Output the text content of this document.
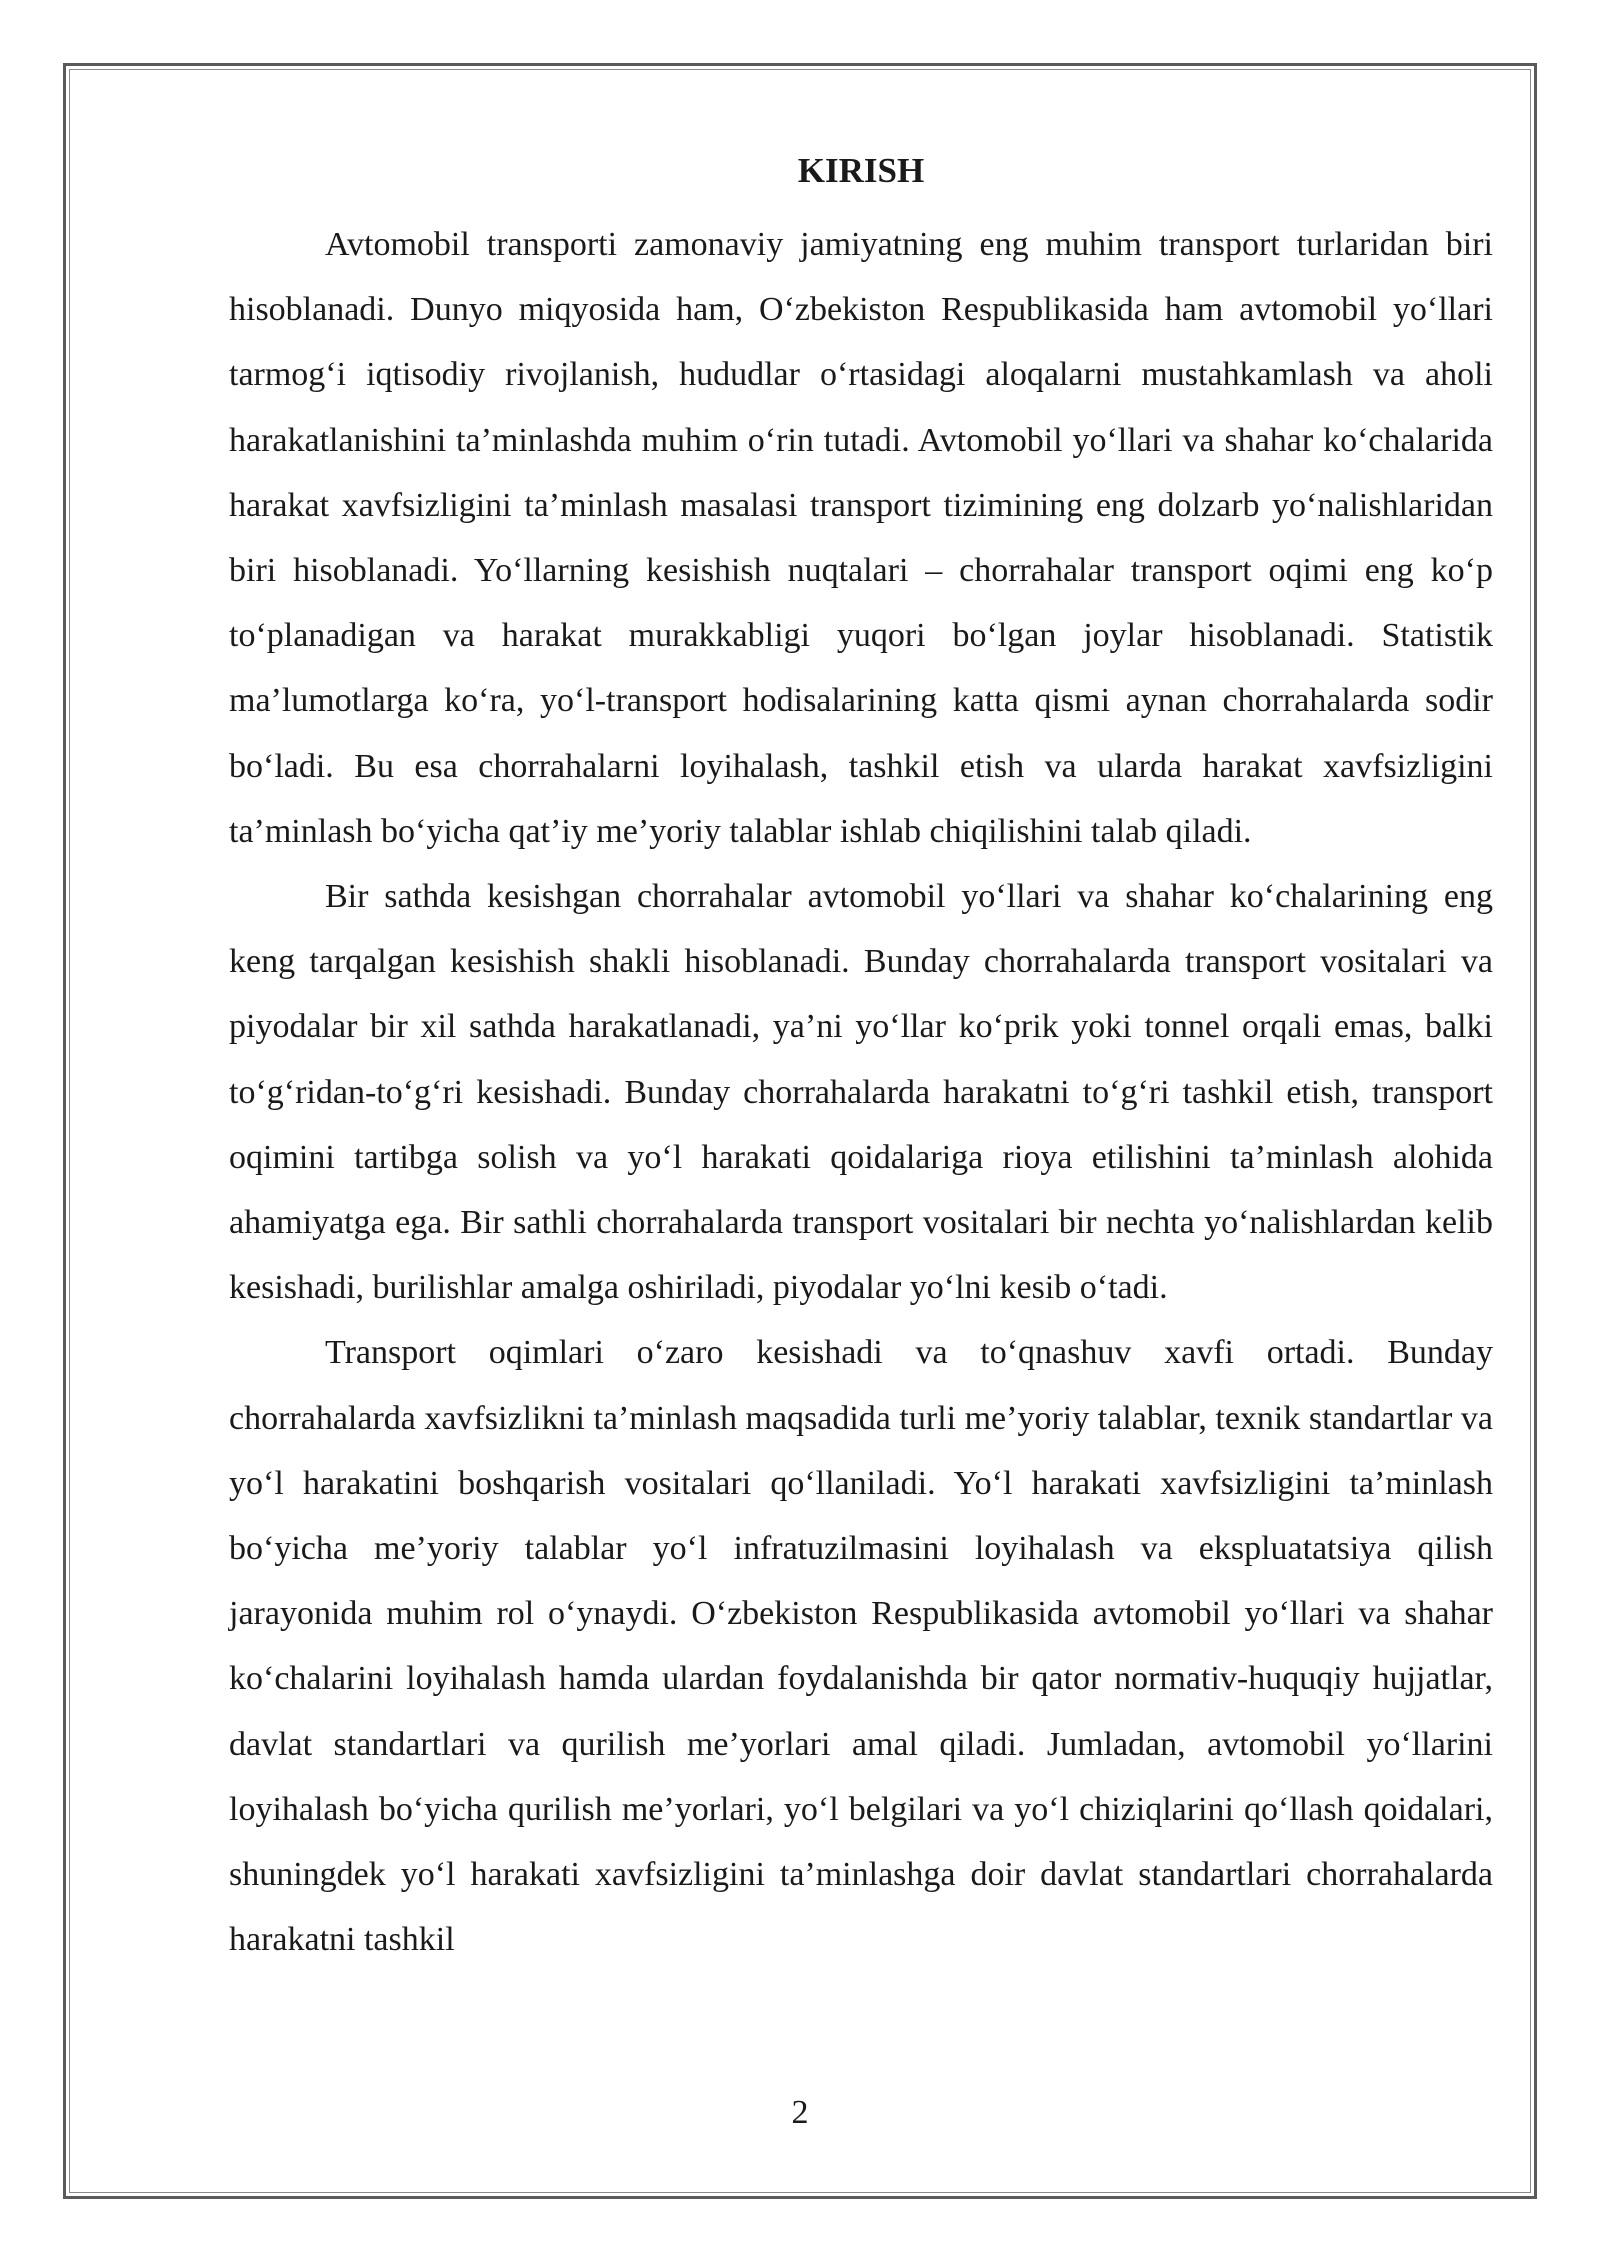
KIRISH

Avtomobil transporti zamonaviy jamiyatning eng muhim transport turlaridan biri hisoblanadi. Dunyo miqyosida ham, O‘zbekiston Respublikasida ham avtomobil yo‘llari tarmog‘i iqtisodiy rivojlanish, hududlar o‘rtasidagi aloqalarni mustahkamlash va aholi harakatlanishini ta’minlashda muhim o‘rin tutadi. Avtomobil yo‘llari va shahar ko‘chalarida harakat xavfsizligini ta’minlash masalasi transport tizimining eng dolzarb yo‘nalishlaridan biri hisoblanadi. Yo‘llarning kesishish nuqtalari – chorrahalar transport oqimi eng ko‘p to‘planadigan va harakat murakkabligi yuqori bo‘lgan joylar hisoblanadi. Statistik ma’lumotlarga ko‘ra, yo‘l-transport hodisalarining katta qismi aynan chorrahalarda sodir bo‘ladi. Bu esa chorrahalarni loyihalash, tashkil etish va ularda harakat xavfsizligini ta’minlash bo‘yicha qat’iy me’yoriy talablar ishlab chiqilishini talab qiladi.

Bir sathda kesishgan chorrahalar avtomobil yo‘llari va shahar ko‘chalarining eng keng tarqalgan kesishish shakli hisoblanadi. Bunday chorrahalarda transport vositalari va piyodalar bir xil sathda harakatlanadi, ya’ni yo‘llar ko‘prik yoki tonnel orqali emas, balki to‘g‘ridan-to‘g‘ri kesishadi. Bunday chorrahalarda harakatni to‘g‘ri tashkil etish, transport oqimini tartibga solish va yo‘l harakati qoidalariga rioya etilishini ta’minlash alohida ahamiyatga ega. Bir sathli chorrahalarda transport vositalari bir nechta yo‘nalishlardan kelib kesishadi, burilishlar amalga oshiriladi, piyodalar yo‘lni kesib o‘tadi.

Transport oqimlari o‘zaro kesishadi va to‘qnashuv xavfi ortadi. Bunday chorrahalarda xavfsizlikni ta’minlash maqsadida turli me’yoriy talablar, texnik standartlar va yo‘l harakatini boshqarish vositalari qo‘llaniladi. Yo‘l harakati xavfsizligini ta’minlash bo‘yicha me’yoriy talablar yo‘l infratuzilmasini loyihalash va ekspluatatsiya qilish jarayonida muhim rol o‘ynaydi. O‘zbekiston Respublikasida avtomobil yo‘llari va shahar ko‘chalarini loyihalash hamda ulardan foydalanishda bir qator normativ-huquqiy hujjatlar, davlat standartlari va qurilish me’yorlari amal qiladi. Jumladan, avtomobil yo‘llarini loyihalash bo‘yicha qurilish me’yorlari, yo‘l belgilari va yo‘l chiziqlarini qo‘llash qoidalari, shuningdek yo‘l harakati xavfsizligini ta’minlashga doir davlat standartlari chorrahalarda harakatni tashkil

2
